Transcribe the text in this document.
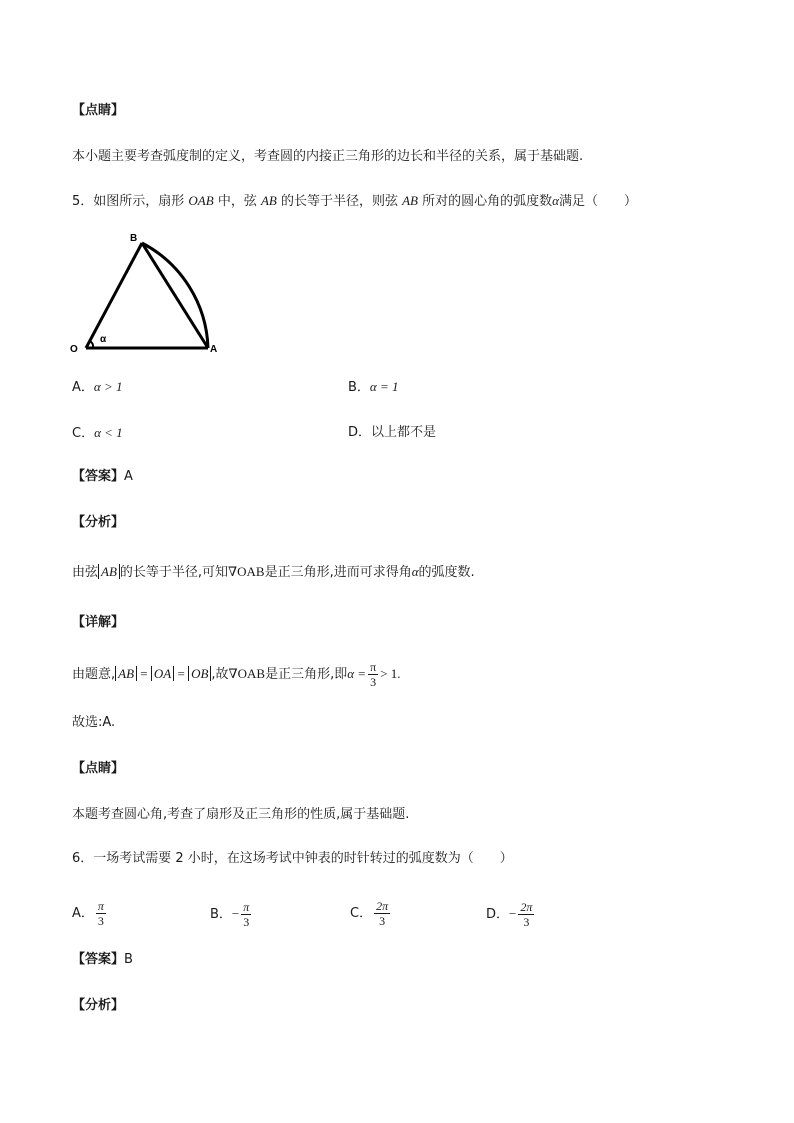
【点睛】
本小题主要考查弧度制的定义，考查圆的内接正三角形的边长和半径的关系，属于基础题.
5．如图所示，扇形 OAB 中，弦 AB 的长等于半径，则弦 AB 所对的圆心角的弧度数α满足（　　）
O	A
B
α
A．α > 1	B．α = 1
C．α < 1	D．以上都不是
【答案】A
【分析】
由弦 AB 的长等于半径,可知∇OAB是正三角形,进而可求得角α的弧度数.
【详解】
由题意, AB = OA = OB ,故∇OAB是正三角形,即$\alpha = \frac{\pi}{3} > 1$.
故选:A.
【点睛】
本题考查圆心角,考查了扇形及正三角形的性质,属于基础题.
6．一场考试需要 2 小时，在这场考试中钟表的时针转过的弧度数为（　　）
A． $\frac{\pi}{3}$	B．− $\frac{\pi}{3}$	C． $\frac{2\pi}{3}$	D．− $\frac{2\pi}{3}$
【答案】B
【分析】
